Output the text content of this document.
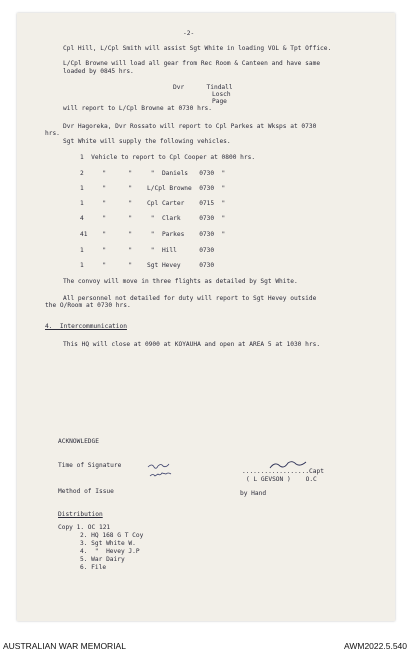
-2-
Cpl Hill, L/Cpl Smith will assist Sgt White in loading VOL & Tpt Office.
L/Cpl Browne will load all gear from Rec Room & Canteen and have same
loaded by 0845 hrs.
Dvr      Tindall
Losch
Page
will report to L/Cpl Browne at 0730 hrs.
Dvr Hagoreka, Dvr Rossato will report to Cpl Parkes at Wksps at 0730
hrs.
Sgt White will supply the following vehicles.
1  Vehicle to report to Cpl Cooper at 0800 hrs.
2     "      "     "  Daniels   0730  "
1     "      "    L/Cpl Browne  0730  "
1     "      "    Cpl Carter    0715  "
4     "      "     "  Clark     0730  "
41    "      "     "  Parkes    0730  "
1     "      "     "  Hill      0730
1     "      "    Sgt Hevey     0730
The convoy will move in three flights as detailed by Sgt White.
All personnel not detailed for duty will report to Sgt Hevey outside
the O/Room at 0730 hrs.
4.  Intercommunication
This HQ will close at 0900 at KOYAUHA and open at AREA 5 at 1030 hrs.
ACKNOWLEDGE
Time of Signature
..................Capt
( L GEVSON )    O.C
Method of Issue	by Hand
Distribution
Copy 1. OC 121
2. HQ 168 G T Coy
3. Sgt White W.
4.  "  Hevey J.P
5. War Dairy
6. File
AUSTRALIAN WAR MEMORIAL	AWM2022.5.540
